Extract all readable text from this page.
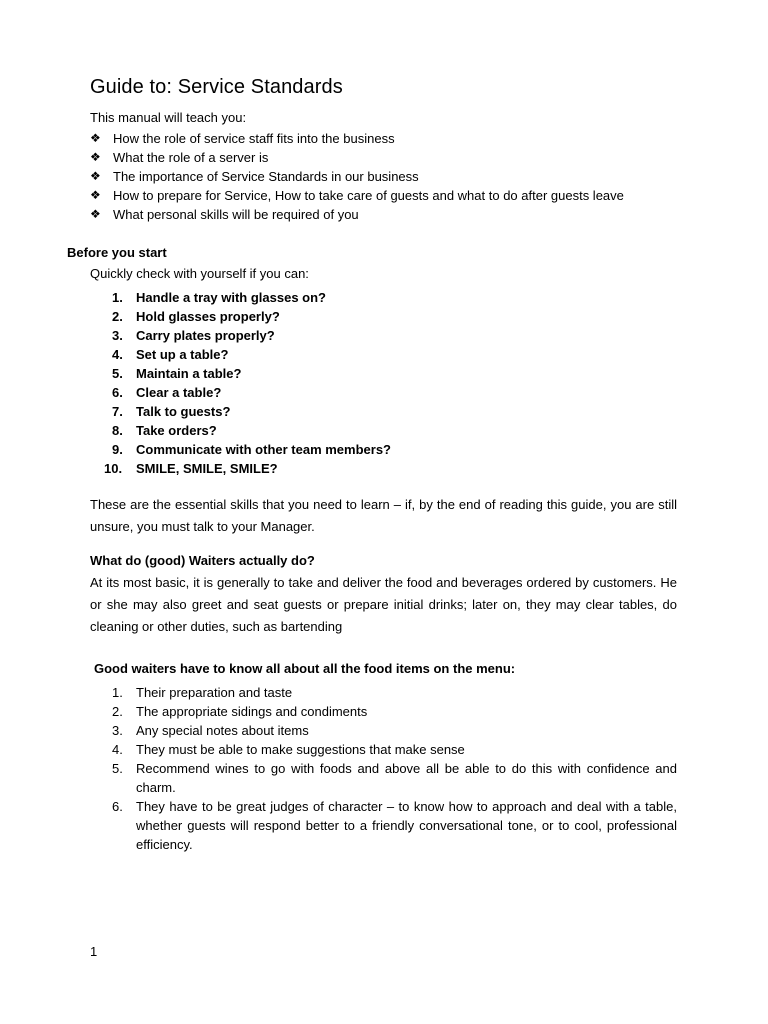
Guide to: Service Standards

This manual will teach you:

❖ How the role of service staff fits into the business
❖ What the role of a server is
❖ The importance of Service Standards in our business
❖ How to prepare for Service, How to take care of guests and what to do after guests leave
❖ What personal skills will be required of you
Before you start

Quickly check with yourself if you can:

1. Handle a tray with glasses on?
2. Hold glasses properly?
3. Carry plates properly?
4. Set up a table?
5. Maintain a table?
6. Clear a table?
7. Talk to guests?
8. Take orders?
9. Communicate with other team members?
10. SMILE, SMILE, SMILE?

These are the essential skills that you need to learn – if, by the end of reading this guide, you are still unsure, you must talk to your Manager.

What do (good) Waiters actually do?

At its most basic, it is generally to take and deliver the food and beverages ordered by customers. He or she may also greet and seat guests or prepare initial drinks; later on, they may clear tables, do cleaning or other duties, such as bartending

Good waiters have to know all about all the food items on the menu:
1. Their preparation and taste
2. The appropriate sidings and condiments
3. Any special notes about items
4. They must be able to make suggestions that make sense
5. Recommend wines to go with foods and above all be able to do this with confidence and charm.
6. They have to be great judges of character – to know how to approach and deal with a table, whether guests will respond better to a friendly conversational tone, or to cool, professional efficiency.

1
